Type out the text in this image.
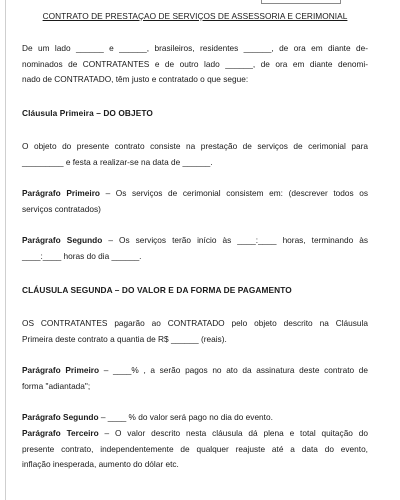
CONTRATO DE PRESTAÇAO DE SERVIÇOS DE ASSESSORIA E CERIMONIAL
De um lado ______ e ______, brasileiros, residentes ______, de ora em diante de-
nominados de CONTRATANTES e de outro lado ______, de ora em diante denomi-
nado de CONTRATADO, têm justo e contratado o que segue:
Cláusula Primeira – DO OBJETO
O objeto do presente contrato consiste na prestação de serviços de cerimonial para
_________ e festa a realizar-se na data de ______.
Parágrafo Primeiro – Os serviços de cerimonial consistem em: (descrever todos os
serviços contratados)
Parágrafo Segundo – Os serviços terão início às ____:____ horas, terminando às
____:____ horas do dia ______.
CLÁUSULA SEGUNDA – DO VALOR E DA FORMA DE PAGAMENTO
OS CONTRATANTES pagarão ao CONTRATADO pelo objeto descrito na Cláusula
Primeira deste contrato a quantia de R$ ______ (reais).
Parágrafo Primeiro – ____% , a serão pagos no ato da assinatura deste contrato de
forma "adiantada";
Parágrafo Segundo – ____ % do valor será pago no dia do evento.
Parágrafo Terceiro – O valor descrito nesta cláusula dá plena e total quitação do
presente contrato, independentemente de qualquer reajuste até a data do evento,
inflação inesperada, aumento do dólar etc.
